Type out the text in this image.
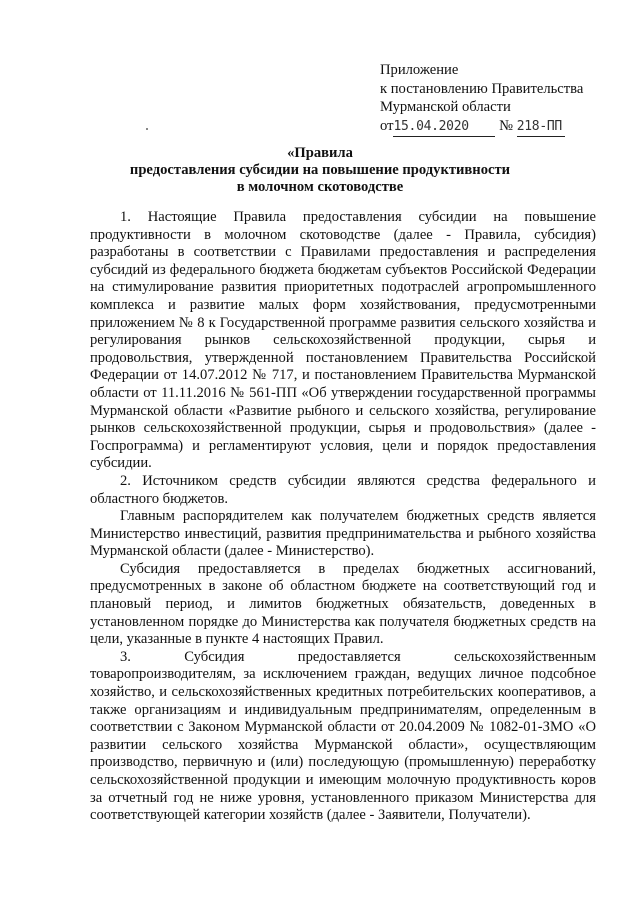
Приложение
к постановлению Правительства
Мурманской области
от15.04.2020 № 218-ПП
«Правила
предоставления субсидии на повышение продуктивности
в молочном скотоводстве

1. Настоящие Правила предоставления субсидии на повышение продуктивности в молочном скотоводстве (далее - Правила, субсидия) разработаны в соответствии с Правилами предоставления и распределения субсидий из федерального бюджета бюджетам субъектов Российской Федерации на стимулирование развития приоритетных подотраслей агропромышленного комплекса и развитие малых форм хозяйствования, предусмотренными приложением № 8 к Государственной программе развития сельского хозяйства и регулирования рынков сельскохозяйственной продукции, сырья и продовольствия, утвержденной постановлением Правительства Российской Федерации от 14.07.2012 № 717, и постановлением Правительства Мурманской области от 11.11.2016 № 561-ПП «Об утверждении государственной программы Мурманской области «Развитие рыбного и сельского хозяйства, регулирование рынков сельскохозяйственной продукции, сырья и продовольствия» (далее - Госпрограмма) и регламентируют условия, цели и порядок предоставления субсидии.

2. Источником средств субсидии являются средства федерального и областного бюджетов.

Главным распорядителем как получателем бюджетных средств является Министерство инвестиций, развития предпринимательства и рыбного хозяйства Мурманской области (далее - Министерство).

Субсидия предоставляется в пределах бюджетных ассигнований, предусмотренных в законе об областном бюджете на соответствующий год и плановый период, и лимитов бюджетных обязательств, доведенных в установленном порядке до Министерства как получателя бюджетных средств на цели, указанные в пункте 4 настоящих Правил.

3. Субсидия предоставляется сельскохозяйственным товаропроизводителям, за исключением граждан, ведущих личное подсобное хозяйство, и сельскохозяйственных кредитных потребительских кооперативов, а также организациям и индивидуальным предпринимателям, определенным в соответствии с Законом Мурманской области от 20.04.2009 № 1082-01-ЗМО «О развитии сельского хозяйства Мурманской области», осуществляющим производство, первичную и (или) последующую (промышленную) переработку сельскохозяйственной продукции и имеющим молочную продуктивность коров за отчетный год не ниже уровня, установленного приказом Министерства для соответствующей категории хозяйств (далее - Заявители, Получатели).
